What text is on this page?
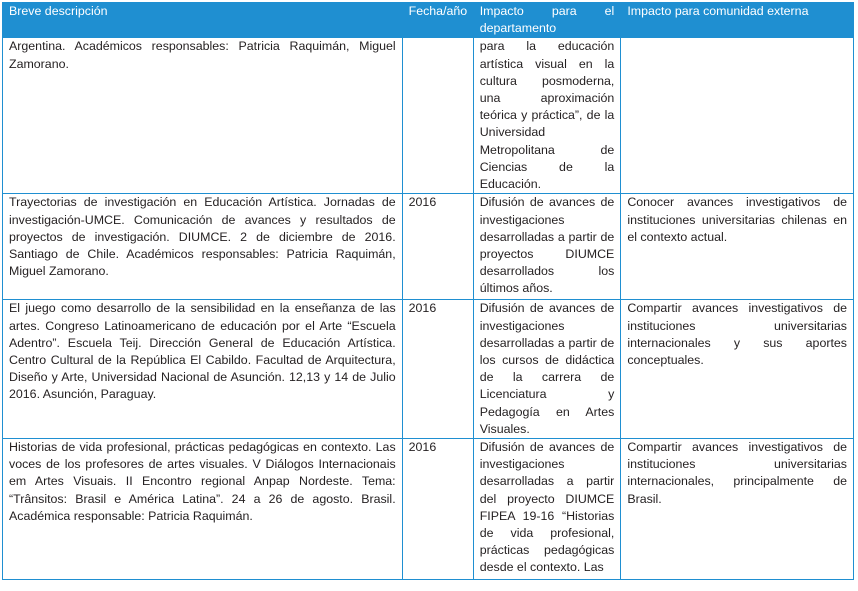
Breve descripción	Fecha/año	Impacto para el departamento	Impacto para comunidad externa
Argentina. Académicos responsables: Patricia Raquimán, Miguel Zamorano.		para la educación artística visual en la cultura posmoderna, una aproximación teórica y práctica”, de la Universidad Metropolitana de Ciencias de la Educación.	
Trayectorias de investigación en Educación Artística. Jornadas de investigación-UMCE. Comunicación de avances y resultados de proyectos de investigación. DIUMCE. 2 de diciembre de 2016. Santiago de Chile. Académicos responsables: Patricia Raquimán, Miguel Zamorano.	2016	Difusión de avances de investigaciones desarrolladas a partir de proyectos DIUMCE desarrollados los últimos años.	Conocer avances investigativos de instituciones universitarias chilenas en el contexto actual.
El juego como desarrollo de la sensibilidad en la enseñanza de las artes. Congreso Latinoamericano de educación por el Arte “Escuela Adentro”. Escuela Teij. Dirección General de Educación Artística. Centro Cultural de la República El Cabildo. Facultad de Arquitectura, Diseño y Arte, Universidad Nacional de Asunción. 12,13 y 14 de Julio 2016. Asunción, Paraguay.	2016	Difusión de avances de investigaciones desarrolladas a partir de los cursos de didáctica de la carrera de Licenciatura y Pedagogía en Artes Visuales.	Compartir avances investigativos de instituciones universitarias internacionales y sus aportes conceptuales.
Historias de vida profesional, prácticas pedagógicas en contexto. Las voces de los profesores de artes visuales. V Diálogos Internacionais em Artes Visuais. II Encontro regional Anpap Nordeste. Tema: “Trânsitos: Brasil e América Latina”. 24 a 26 de agosto. Brasil. Académica responsable: Patricia Raquimán.	2016	Difusión de avances de investigaciones desarrolladas a partir del proyecto DIUMCE FIPEA 19-16 “Historias de vida profesional, prácticas pedagógicas desde el contexto. Las	Compartir avances investigativos de instituciones universitarias internacionales, principalmente de Brasil.
